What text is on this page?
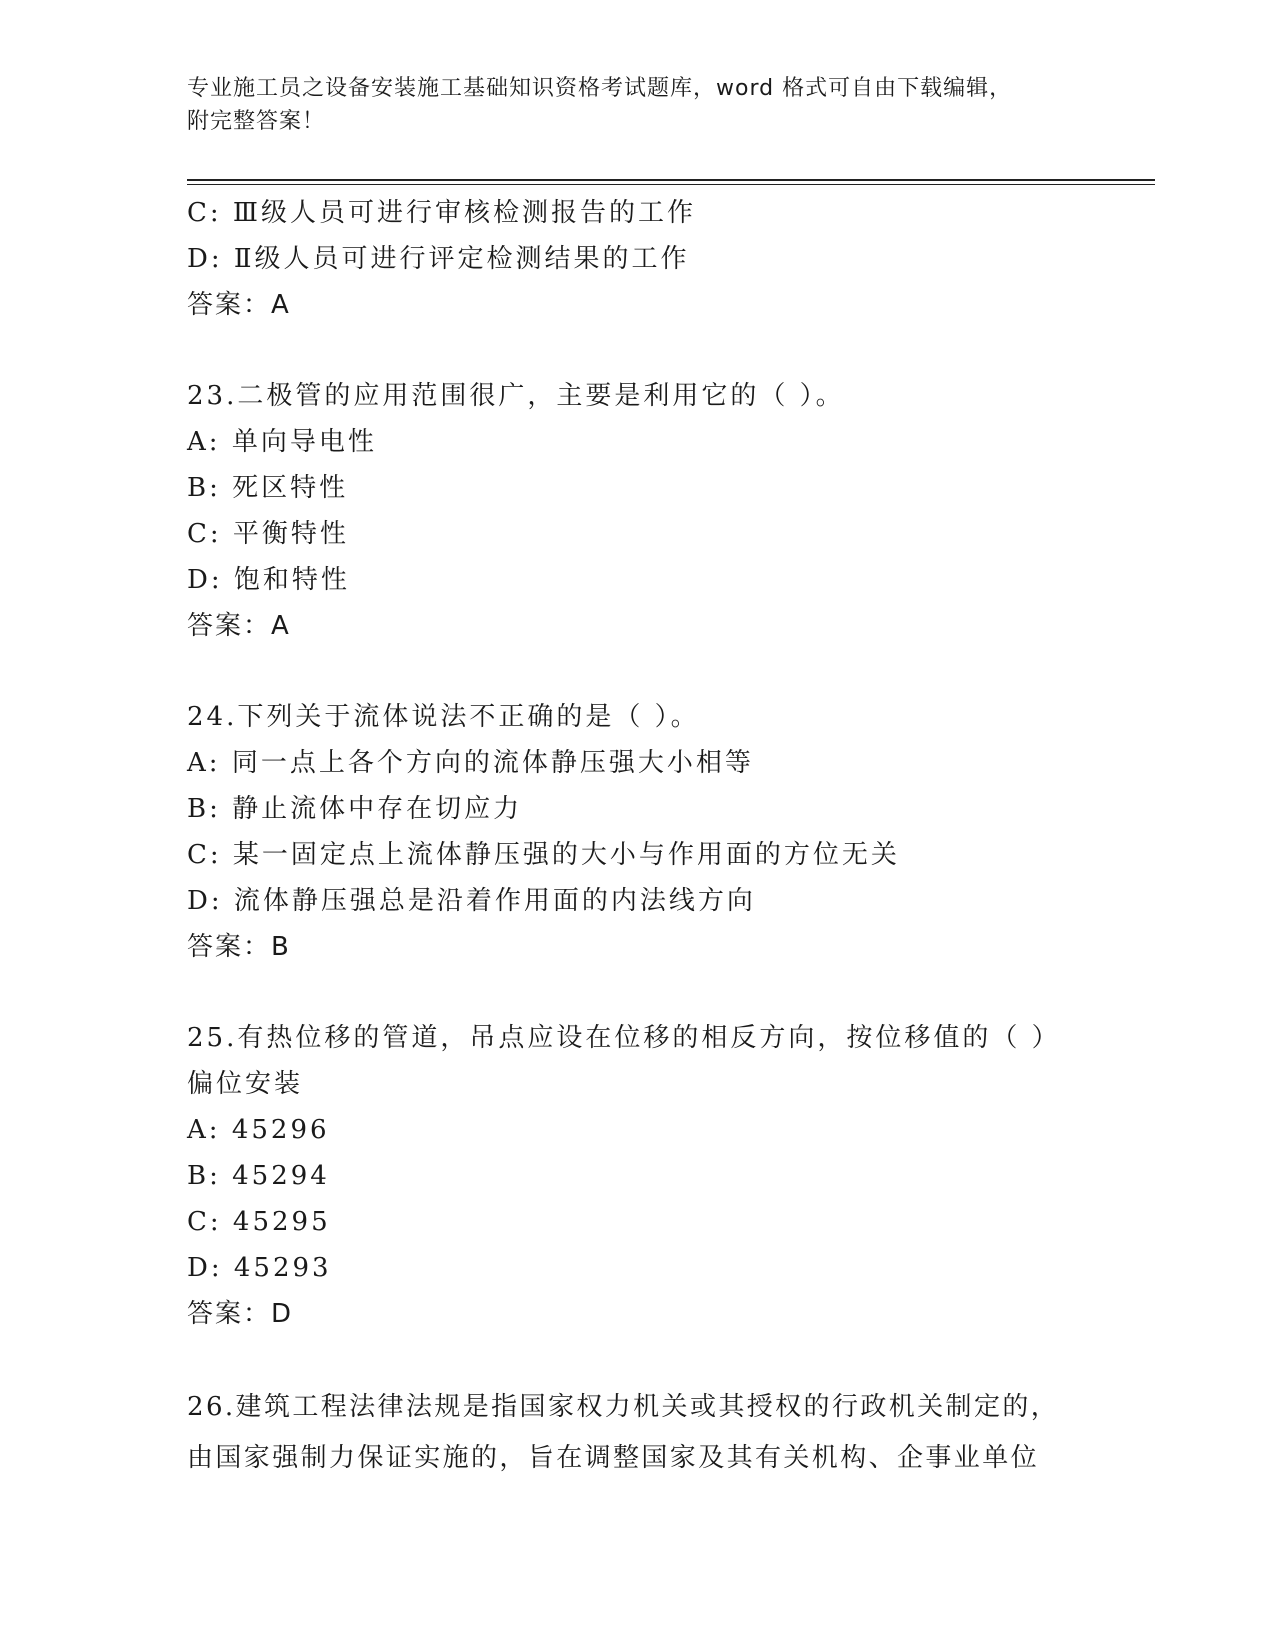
专业施工员之设备安装施工基础知识资格考试题库，word 格式可自由下载编辑，
附完整答案！
C: Ⅲ级人员可进行审核检测报告的工作
D: Ⅱ级人员可进行评定检测结果的工作
答案：A
23.二极管的应用范围很广，主要是利用它的（ ）。
A: 单向导电性
B: 死区特性
C: 平衡特性
D: 饱和特性
答案：A
24.下列关于流体说法不正确的是（ ）。
A: 同一点上各个方向的流体静压强大小相等
B: 静止流体中存在切应力
C: 某一固定点上流体静压强的大小与作用面的方位无关
D: 流体静压强总是沿着作用面的内法线方向
答案：B
25.有热位移的管道，吊点应设在位移的相反方向，按位移值的（ ）
偏位安装
A: 45296
B: 45294
C: 45295
D: 45293
答案：D
26.建筑工程法律法规是指国家权力机关或其授权的行政机关制定的，
由国家强制力保证实施的，旨在调整国家及其有关机构、企事业单位
